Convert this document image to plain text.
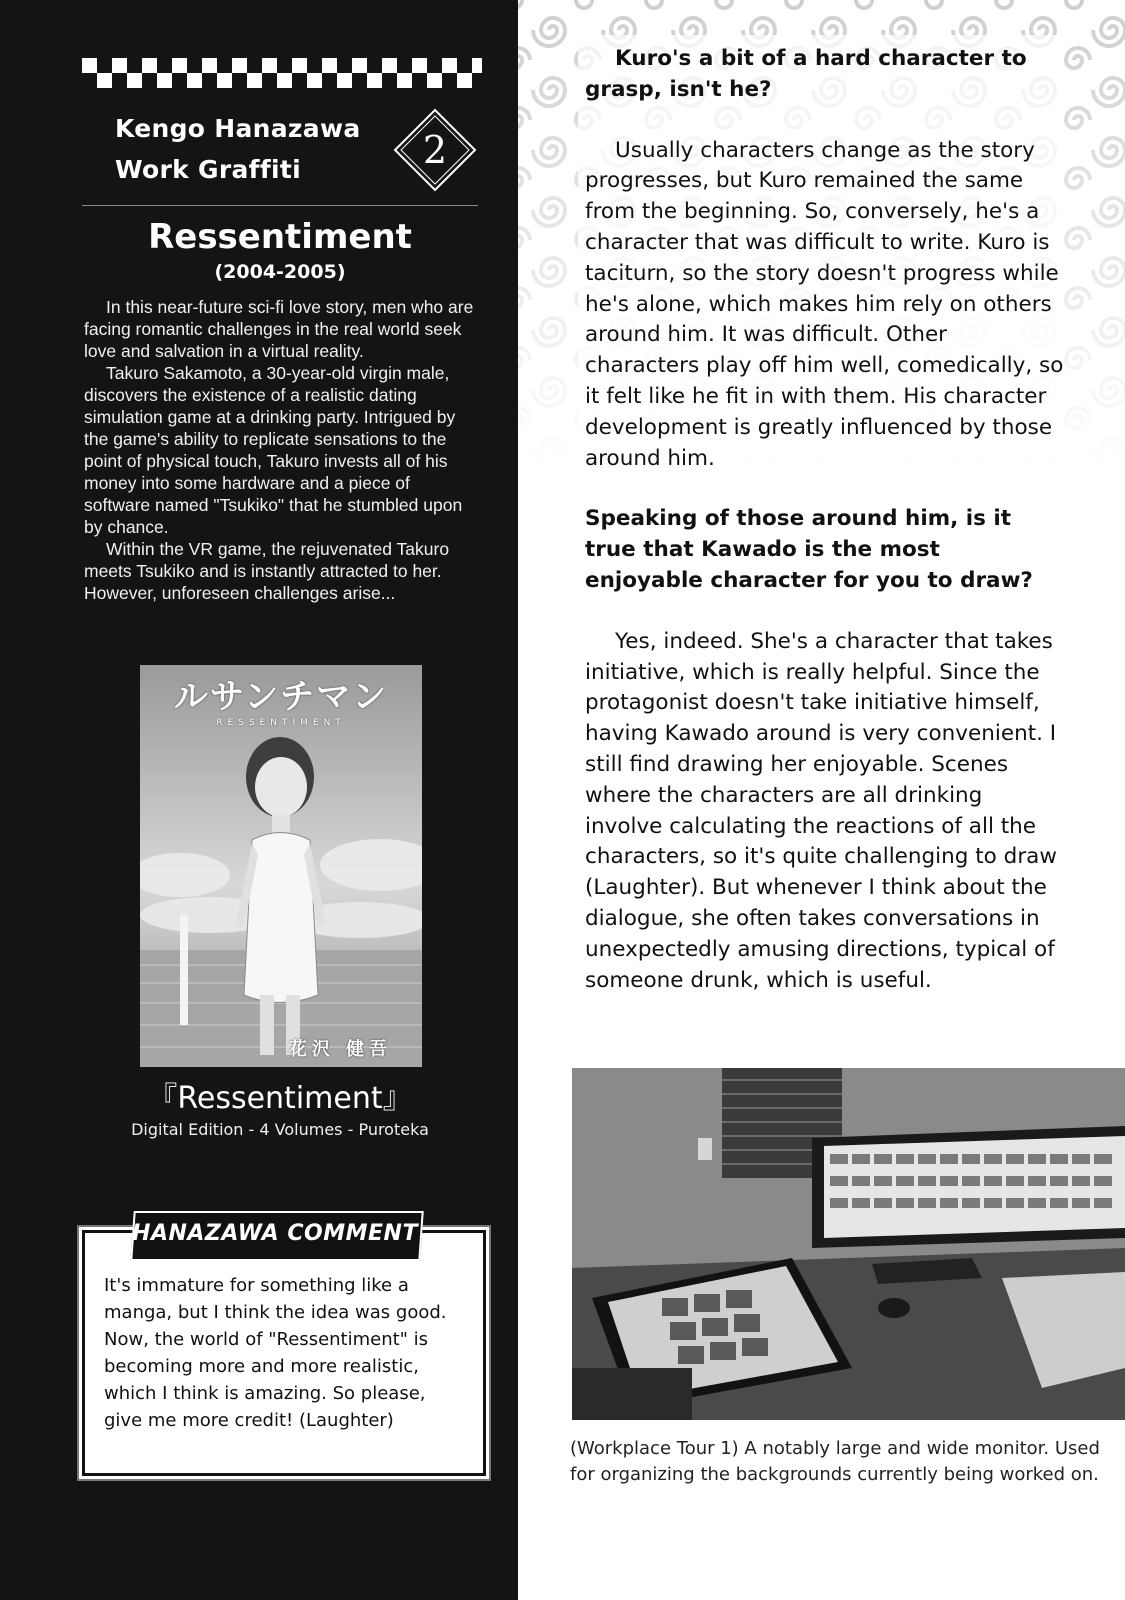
Kengo Hanazawa
Work Graffiti	2
Ressentiment
(2004-2005)

In this near-future sci-fi love story, men who are facing romantic challenges in the real world seek love and salvation in a virtual reality.

Takuro Sakamoto, a 30-year-old virgin male, discovers the existence of a realistic dating simulation game at a drinking party. Intrigued by the game's ability to replicate sensations to the point of physical touch, Takuro invests all of his money into some hardware and a piece of software named "Tsukiko" that he stumbled upon by chance.

Within the VR game, the rejuvenated Takuro meets Tsukiko and is instantly attracted to her. However, unforeseen challenges arise...

ルサンチマン
RESSENTIMENT
花沢 健吾
『Ressentiment』
Digital Edition - 4 Volumes - Puroteka
HANAZAWA COMMENT
It's immature for something like a
manga, but I think the idea was good.
Now, the world of "Ressentiment" is
becoming more and more realistic,
which I think is amazing. So please,
give me more credit! (Laughter)

Kuro's a bit of a hard character to grasp, isn't he?

Usually characters change as the story progresses, but Kuro remained the same from the beginning. So, conversely, he's a character that was difficult to write. Kuro is taciturn, so the story doesn't progress while he's alone, which makes him rely on others around him. It was difficult. Other characters play off him well, comedically, so it felt like he fit in with them. His character development is greatly influenced by those around him.

Speaking of those around him, is it true that Kawado is the most enjoyable character for you to draw?

Yes, indeed. She's a character that takes initiative, which is really helpful. Since the protagonist doesn't take initiative himself, having Kawado around is very convenient. I still find drawing her enjoyable. Scenes where the characters are all drinking involve calculating the reactions of all the characters, so it's quite challenging to draw (Laughter). But whenever I think about the dialogue, she often takes conversations in unexpectedly amusing directions, typical of someone drunk, which is useful.

(Workplace Tour 1) A notably large and wide monitor. Used for organizing the backgrounds currently being worked on.
